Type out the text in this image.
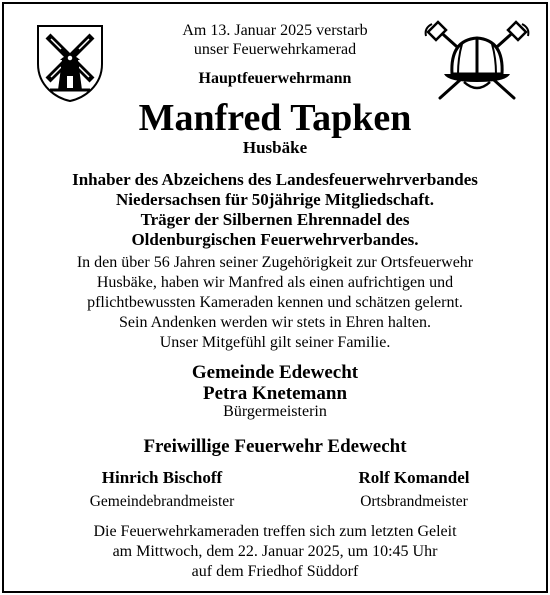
Am 13. Januar 2025 verstarb
unser Feuerwehrkamerad
Hauptfeuerwehrmann
Manfred Tapken
Husbäke
Inhaber des Abzeichens des Landesfeuerwehrverbandes
Niedersachsen für 50jährige Mitgliedschaft.
Träger der Silbernen Ehrennadel des
Oldenburgischen Feuerwehrverbandes.
In den über 56 Jahren seiner Zugehörigkeit zur Ortsfeuerwehr
Husbäke, haben wir Manfred als einen aufrichtigen und
pflichtbewussten Kameraden kennen und schätzen gelernt.
Sein Andenken werden wir stets in Ehren halten.
Unser Mitgefühl gilt seiner Familie.
Gemeinde Edewecht
Petra Knetemann
Bürgermeisterin
Freiwillige Feuerwehr Edewecht
Hinrich Bischoff
Gemeindebrandmeister
Rolf Komandel
Ortsbrandmeister
Die Feuerwehrkameraden treffen sich zum letzten Geleit
am Mittwoch, dem 22. Januar 2025, um 10:45 Uhr
auf dem Friedhof Süddorf
